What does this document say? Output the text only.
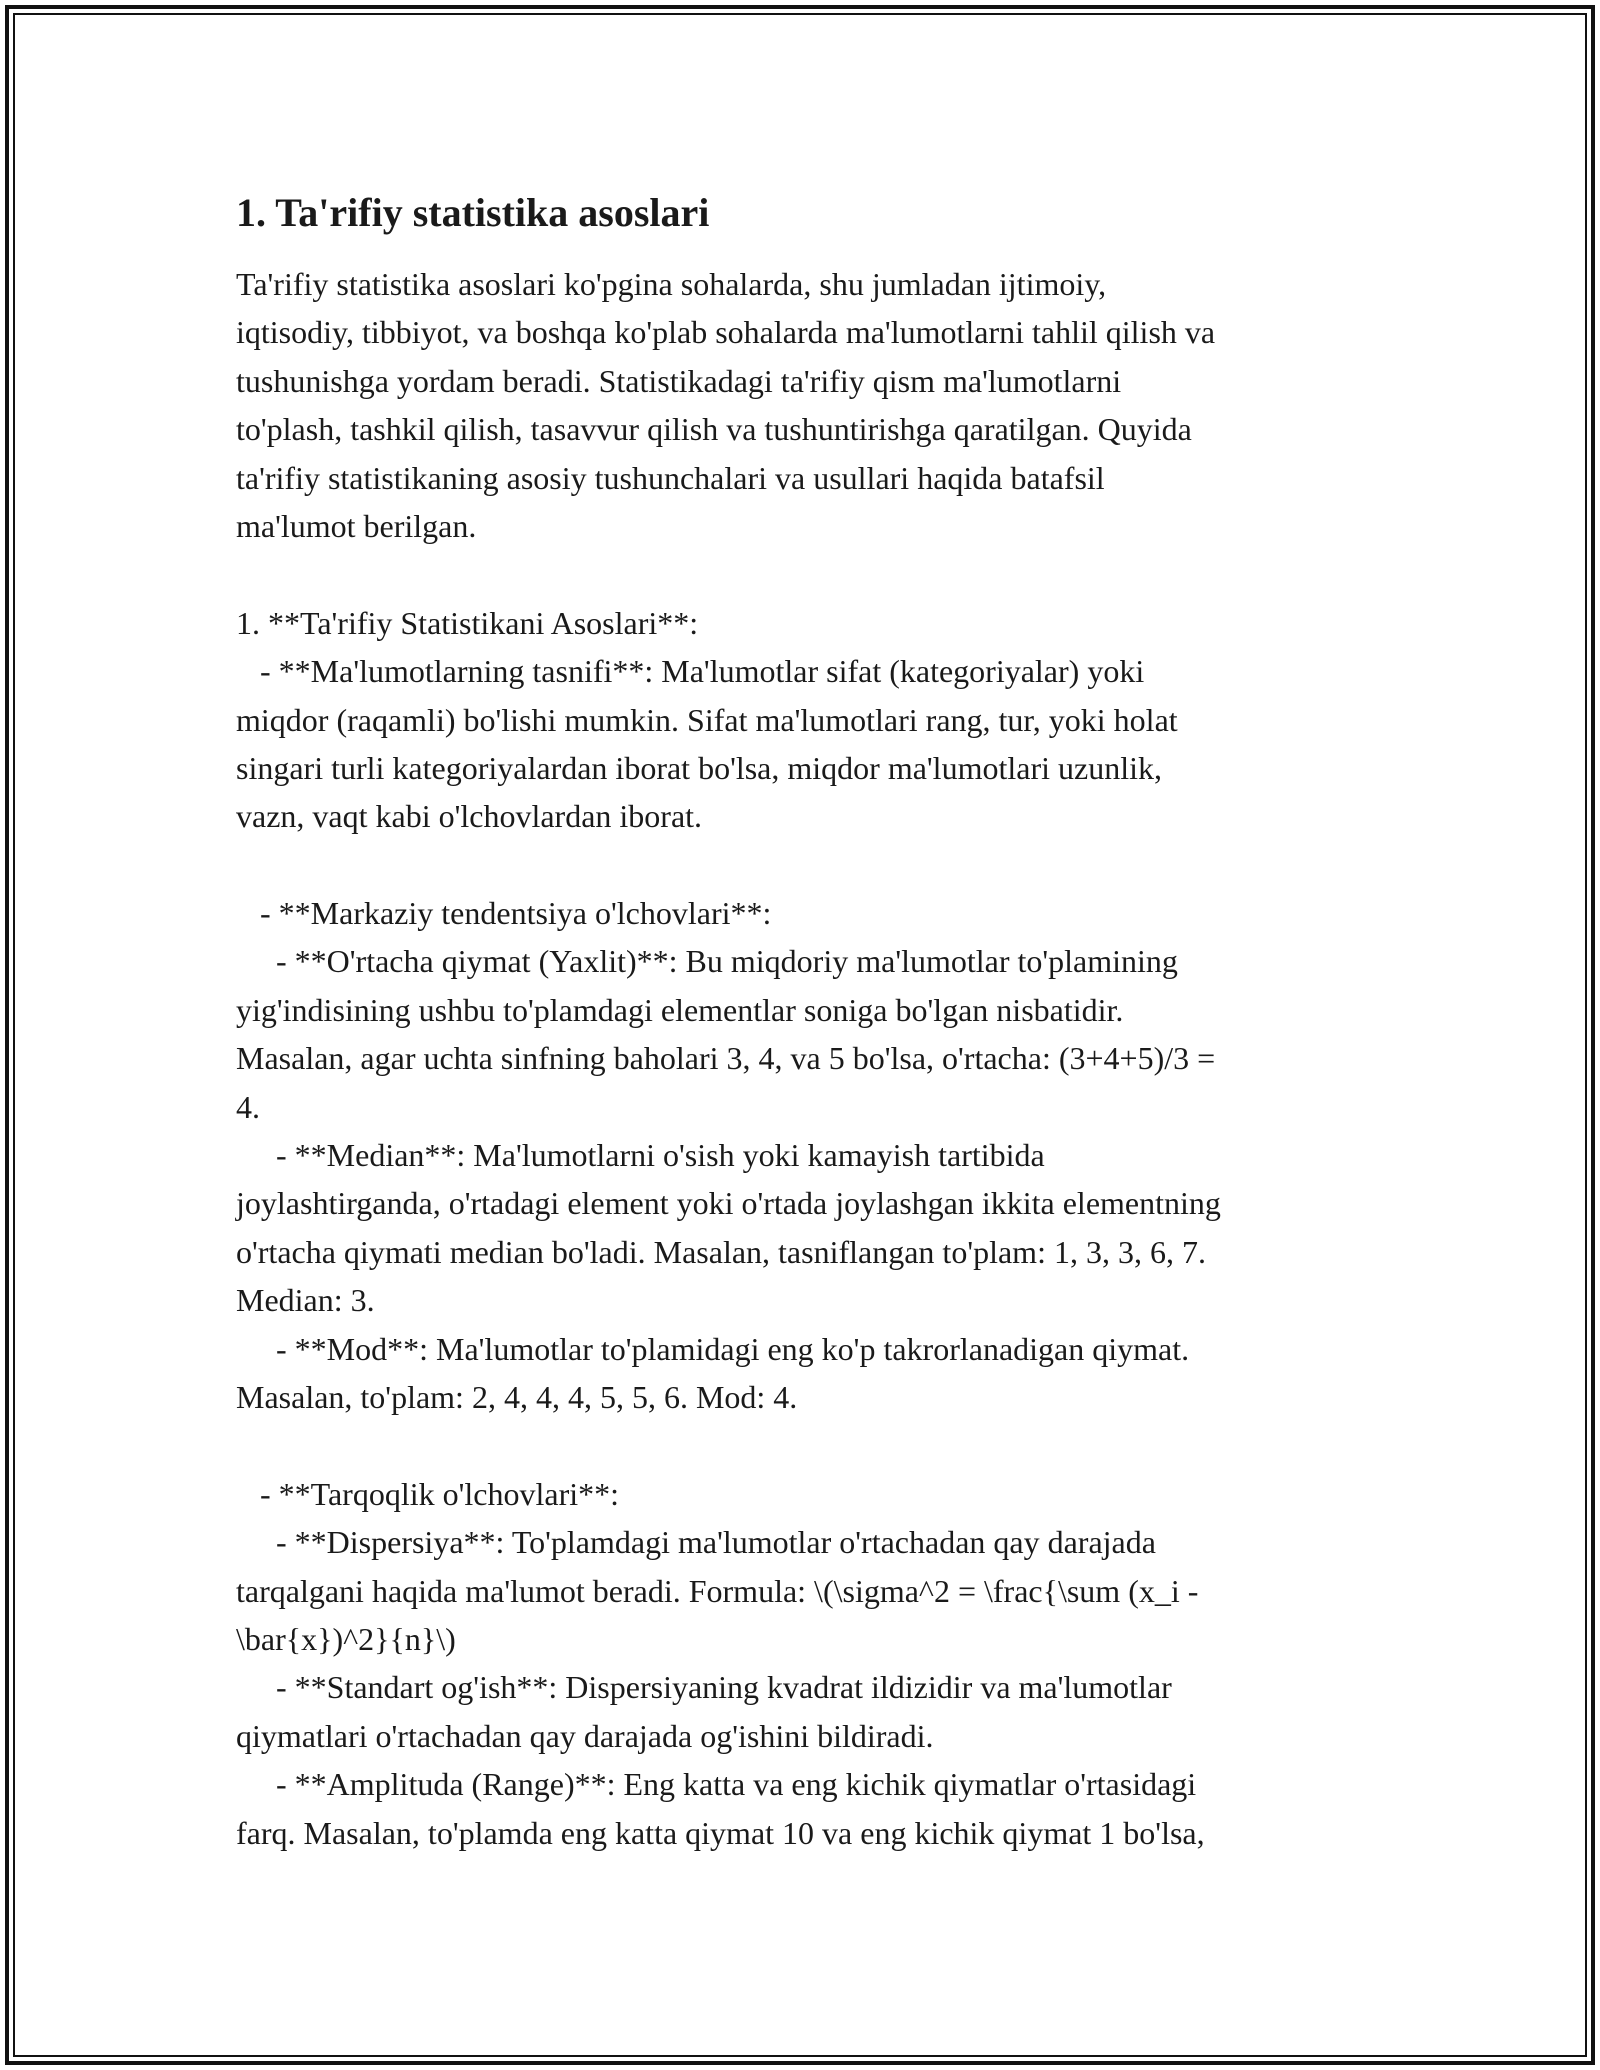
1. Ta'rifiy statistika asoslari
Ta'rifiy statistika asoslari ko'pgina sohalarda, shu jumladan ijtimoiy,
iqtisodiy, tibbiyot, va boshqa ko'plab sohalarda ma'lumotlarni tahlil qilish va
tushunishga yordam beradi. Statistikadagi ta'rifiy qism ma'lumotlarni
to'plash, tashkil qilish, tasavvur qilish va tushuntirishga qaratilgan. Quyida
ta'rifiy statistikaning asosiy tushunchalari va usullari haqida batafsil
ma'lumot berilgan.
1. **Ta'rifiy Statistikani Asoslari**:
- **Ma'lumotlarning tasnifi**: Ma'lumotlar sifat (kategoriyalar) yoki
miqdor (raqamli) bo'lishi mumkin. Sifat ma'lumotlari rang, tur, yoki holat
singari turli kategoriyalardan iborat bo'lsa, miqdor ma'lumotlari uzunlik,
vazn, vaqt kabi o'lchovlardan iborat.
- **Markaziy tendentsiya o'lchovlari**:
- **O'rtacha qiymat (Yaxlit)**: Bu miqdoriy ma'lumotlar to'plamining
yig'indisining ushbu to'plamdagi elementlar soniga bo'lgan nisbatidir.
Masalan, agar uchta sinfning baholari 3, 4, va 5 bo'lsa, o'rtacha: (3+4+5)/3 =
4.
- **Median**: Ma'lumotlarni o'sish yoki kamayish tartibida
joylashtirganda, o'rtadagi element yoki o'rtada joylashgan ikkita elementning
o'rtacha qiymati median bo'ladi. Masalan, tasniflangan to'plam: 1, 3, 3, 6, 7.
Median: 3.
- **Mod**: Ma'lumotlar to'plamidagi eng ko'p takrorlanadigan qiymat.
Masalan, to'plam: 2, 4, 4, 4, 5, 5, 6. Mod: 4.
- **Tarqoqlik o'lchovlari**:
- **Dispersiya**: To'plamdagi ma'lumotlar o'rtachadan qay darajada
tarqalgani haqida ma'lumot beradi. Formula: \(\sigma^2 = \frac{\sum (x_i -
\bar{x})^2}{n}\)
- **Standart og'ish**: Dispersiyaning kvadrat ildizidir va ma'lumotlar
qiymatlari o'rtachadan qay darajada og'ishini bildiradi.
- **Amplituda (Range)**: Eng katta va eng kichik qiymatlar o'rtasidagi
farq. Masalan, to'plamda eng katta qiymat 10 va eng kichik qiymat 1 bo'lsa,
